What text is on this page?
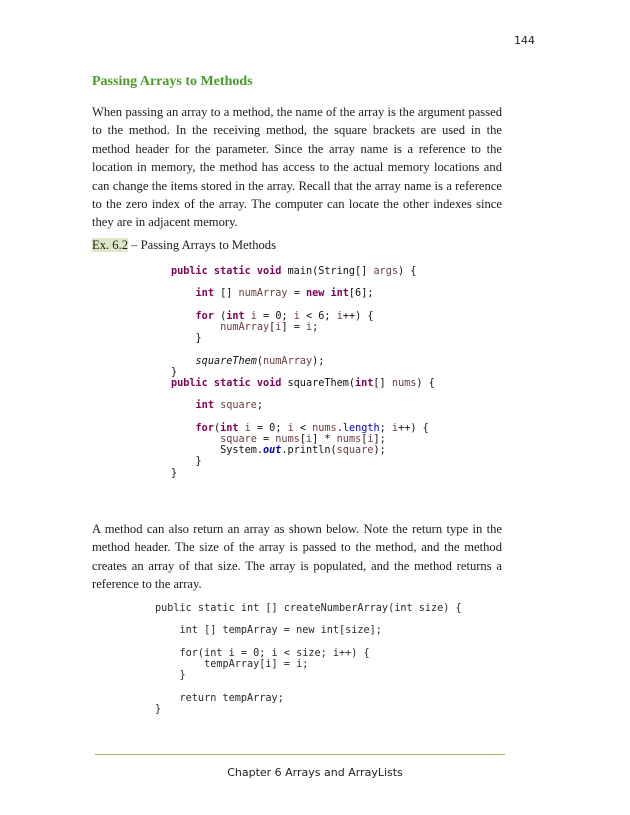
144
Passing Arrays to Methods

When passing an array to a method, the name of the array is the argument passed to the method. In the receiving method, the square brackets are used in the method header for the parameter. Since the array name is a reference to the location in memory, the method has access to the actual memory locations and can change the items stored in the array. Recall that the array name is a reference to the zero index of the array. The computer can locate the other indexes since they are in adjacent memory.

Ex. 6.2 – Passing Arrays to Methods
public static void main(String[] args) {

int [] numArray = new int[6];

for (int i = 0; i < 6; i++) {
numArray[i] = i;
}

squareThem(numArray);
}
public static void squareThem(int[] nums) {

int square;

for(int i = 0; i < nums.length; i++) {
square = nums[i] * nums[i];
System.out.println(square);
}
}

A method can also return an array as shown below. Note the return type in the method header. The size of the array is passed to the method, and the method creates an array of that size. The array is populated, and the method returns a reference to the array.

public static int [] createNumberArray(int size) {

int [] tempArray = new int[size];

for(int i = 0; i < size; i++) {
tempArray[i] = i;
}

return tempArray;
}
Chapter 6 Arrays and ArrayLists
